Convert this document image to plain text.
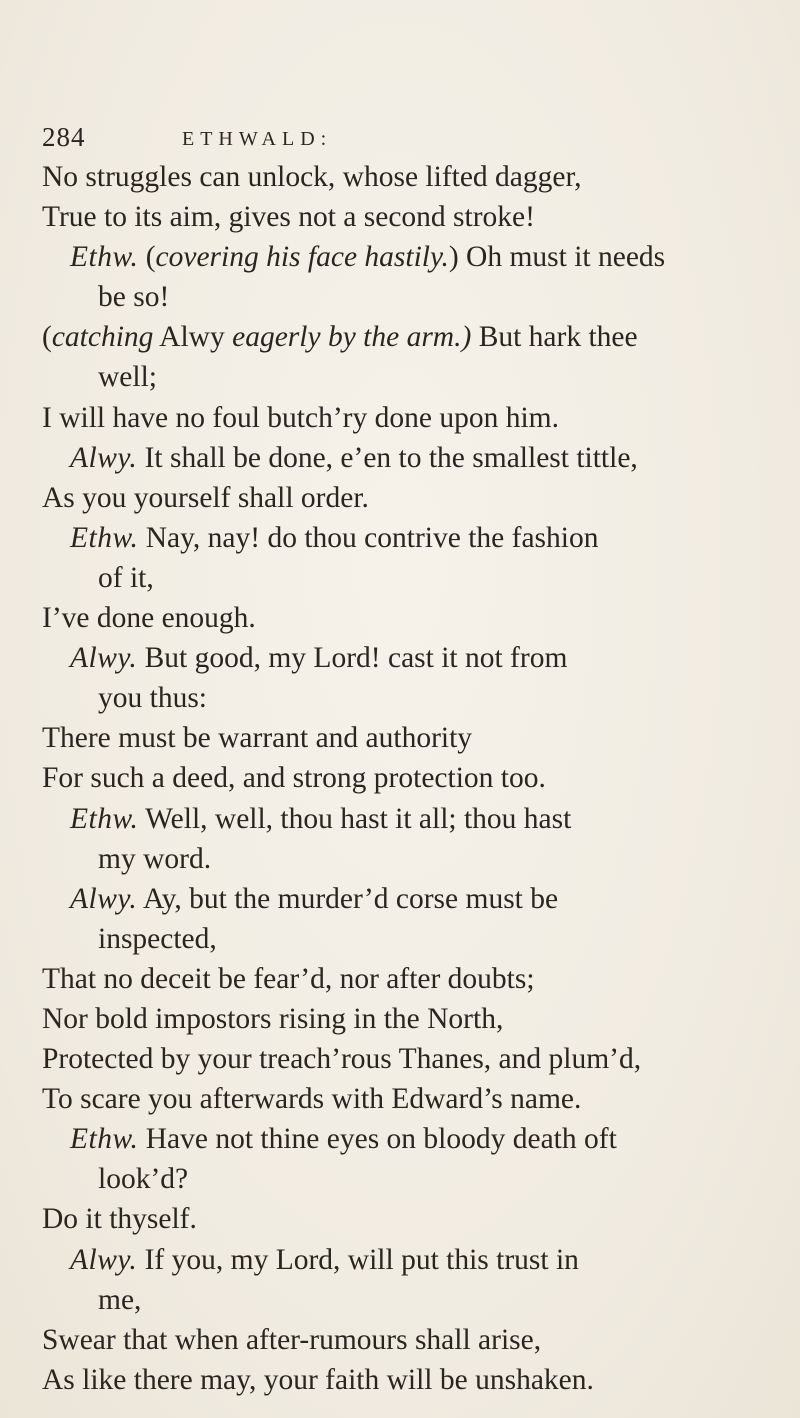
284	ETHWALD:
No struggles can unlock, whose lifted dagger,
True to its aim, gives not a second stroke!
Ethw. (covering his face hastily.) Oh must it needs
be so!
(catching Alwy eagerly by the arm.) But hark thee
well;
I will have no foul butch’ry done upon him.
Alwy. It shall be done, e’en to the smallest tittle,
As you yourself shall order.
Ethw. Nay, nay! do thou contrive the fashion
of it,
I’ve done enough.
Alwy. But good, my Lord! cast it not from
you thus:
There must be warrant and authority
For such a deed, and strong protection too.
Ethw. Well, well, thou hast it all; thou hast
my word.
Alwy. Ay, but the murder’d corse must be
inspected,
That no deceit be fear’d, nor after doubts;
Nor bold impostors rising in the North,
Protected by your treach’rous Thanes, and plum’d,
To scare you afterwards with Edward’s name.
Ethw. Have not thine eyes on bloody death oft
look’d?
Do it thyself.
Alwy. If you, my Lord, will put this trust in
me,
Swear that when after-rumours shall arise,
As like there may, your faith will be unshaken.
